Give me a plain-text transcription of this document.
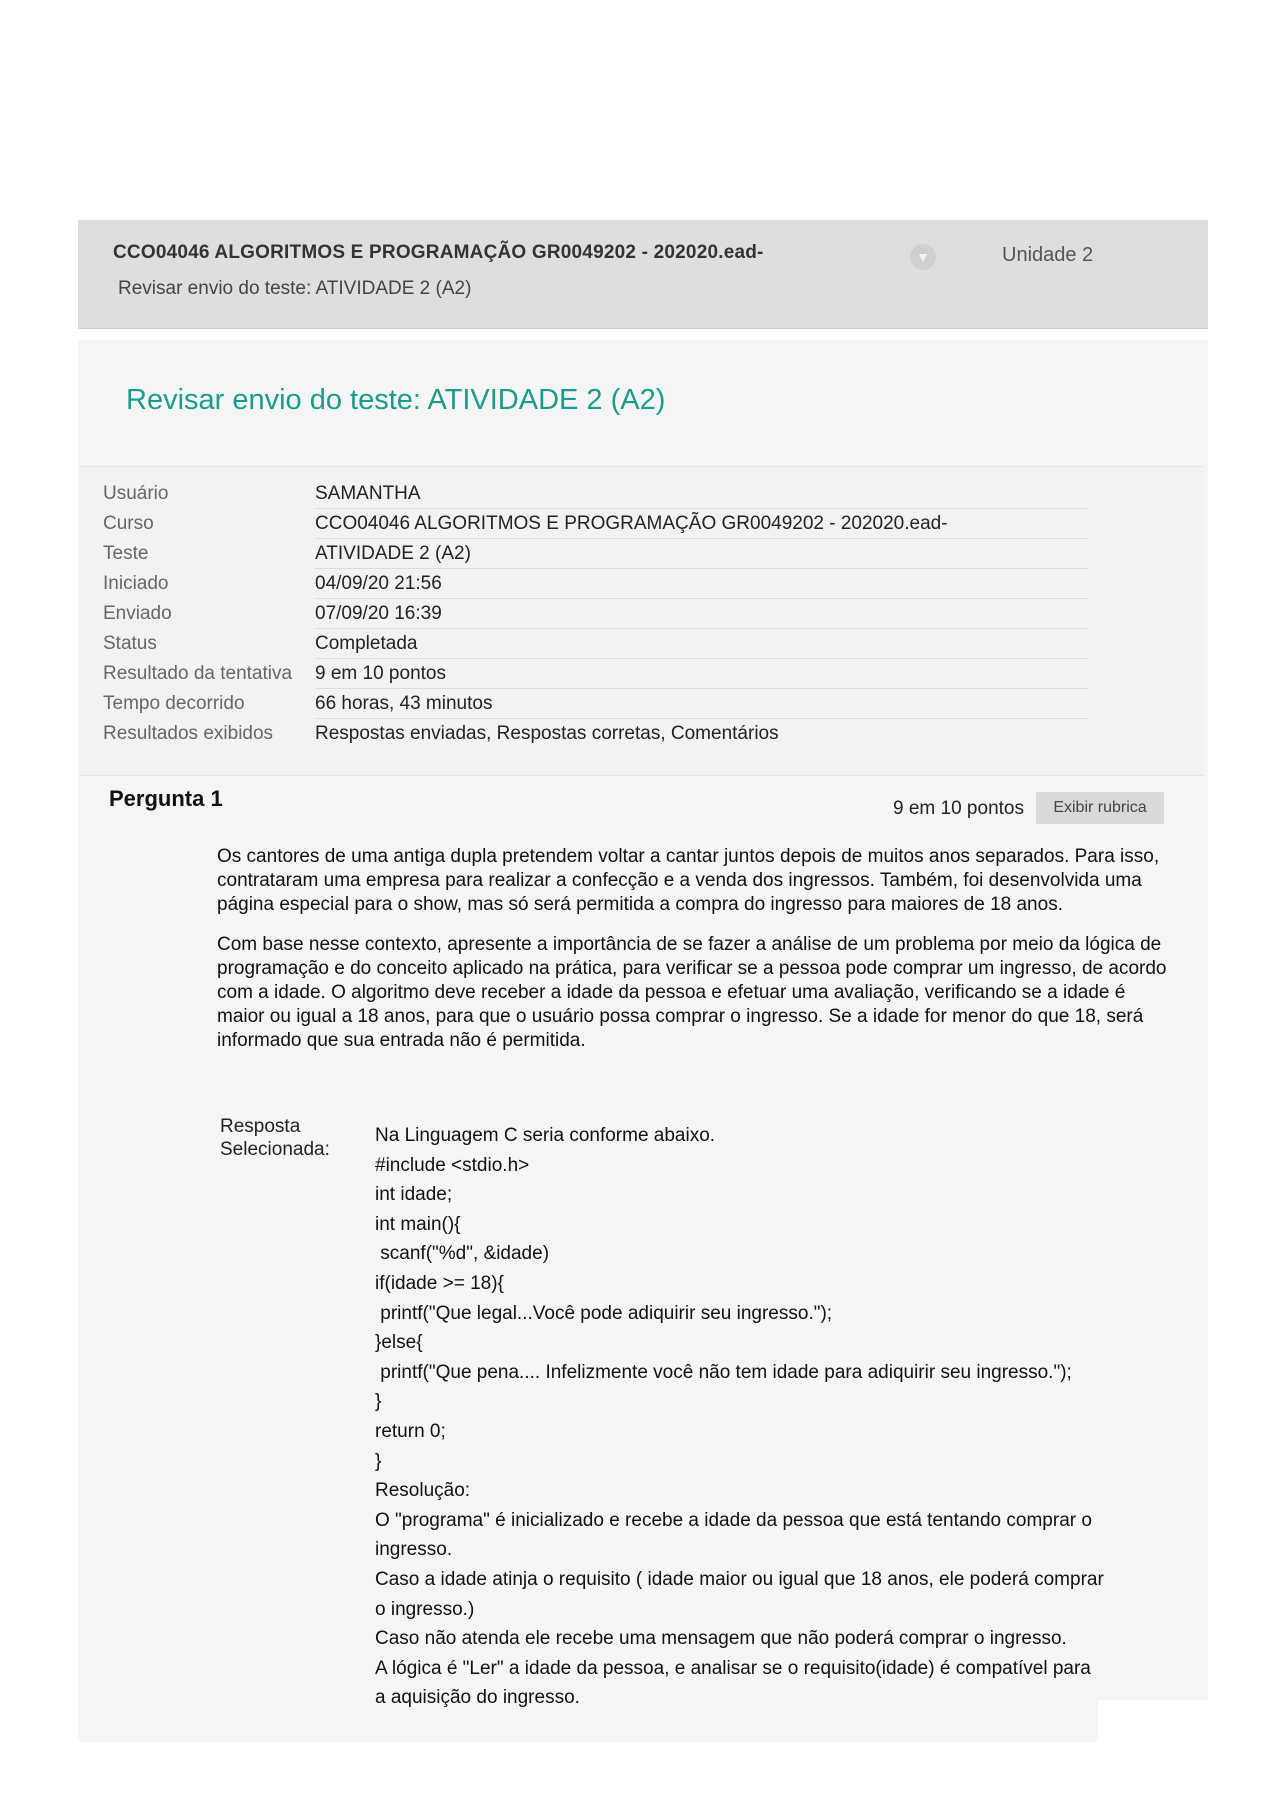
CCO04046 ALGORITMOS E PROGRAMAÇÃO GR0049202 - 202020.ead-
Revisar envio do teste: ATIVIDADE 2 (A2)
▼	Unidade 2
Revisar envio do teste: ATIVIDADE 2 (A2)
Usuário	SAMANTHA
Curso	CCO04046 ALGORITMOS E PROGRAMAÇÃO GR0049202 - 202020.ead-
Teste	ATIVIDADE 2 (A2)
Iniciado	04/09/20 21:56
Enviado	07/09/20 16:39
Status	Completada
Resultado da tentativa	9 em 10 pontos
Tempo decorrido	66 horas, 43 minutos
Resultados exibidos	Respostas enviadas, Respostas corretas, Comentários
Pergunta 1	9 em 10 pontos	Exibir rubrica

Os cantores de uma antiga dupla pretendem voltar a cantar juntos depois de muitos anos separados. Para isso, contrataram uma empresa para realizar a confecção e a venda dos ingressos. Também, foi desenvolvida uma página especial para o show, mas só será permitida a compra do ingresso para maiores de 18 anos.

Com base nesse contexto, apresente a importância de se fazer a análise de um problema por meio da lógica de programação e do conceito aplicado na prática, para verificar se a pessoa pode comprar um ingresso, de acordo com a idade. O algoritmo deve receber a idade da pessoa e efetuar uma avaliação, verificando se a idade é maior ou igual a 18 anos, para que o usuário possa comprar o ingresso. Se a idade for menor do que 18, será informado que sua entrada não é permitida.

Resposta Selecionada:
Na Linguagem C seria conforme abaixo.
#include <stdio.h>
int idade;
int main(){
scanf("%d", &idade)
if(idade >= 18){
printf("Que legal...Você pode adiquirir seu ingresso.");
}else{
printf("Que pena.... Infelizmente você não tem idade para adiquirir seu ingresso.");
}
return 0;
}
Resolução:
O "programa" é inicializado e recebe a idade da pessoa que está tentando comprar o
ingresso.
Caso a idade atinja o requisito ( idade maior ou igual que 18 anos, ele poderá comprar
o ingresso.)
Caso não atenda ele recebe uma mensagem que não poderá comprar o ingresso.
A lógica é "Ler" a idade da pessoa, e analisar se o requisito(idade) é compatível para
a aquisição do ingresso.
